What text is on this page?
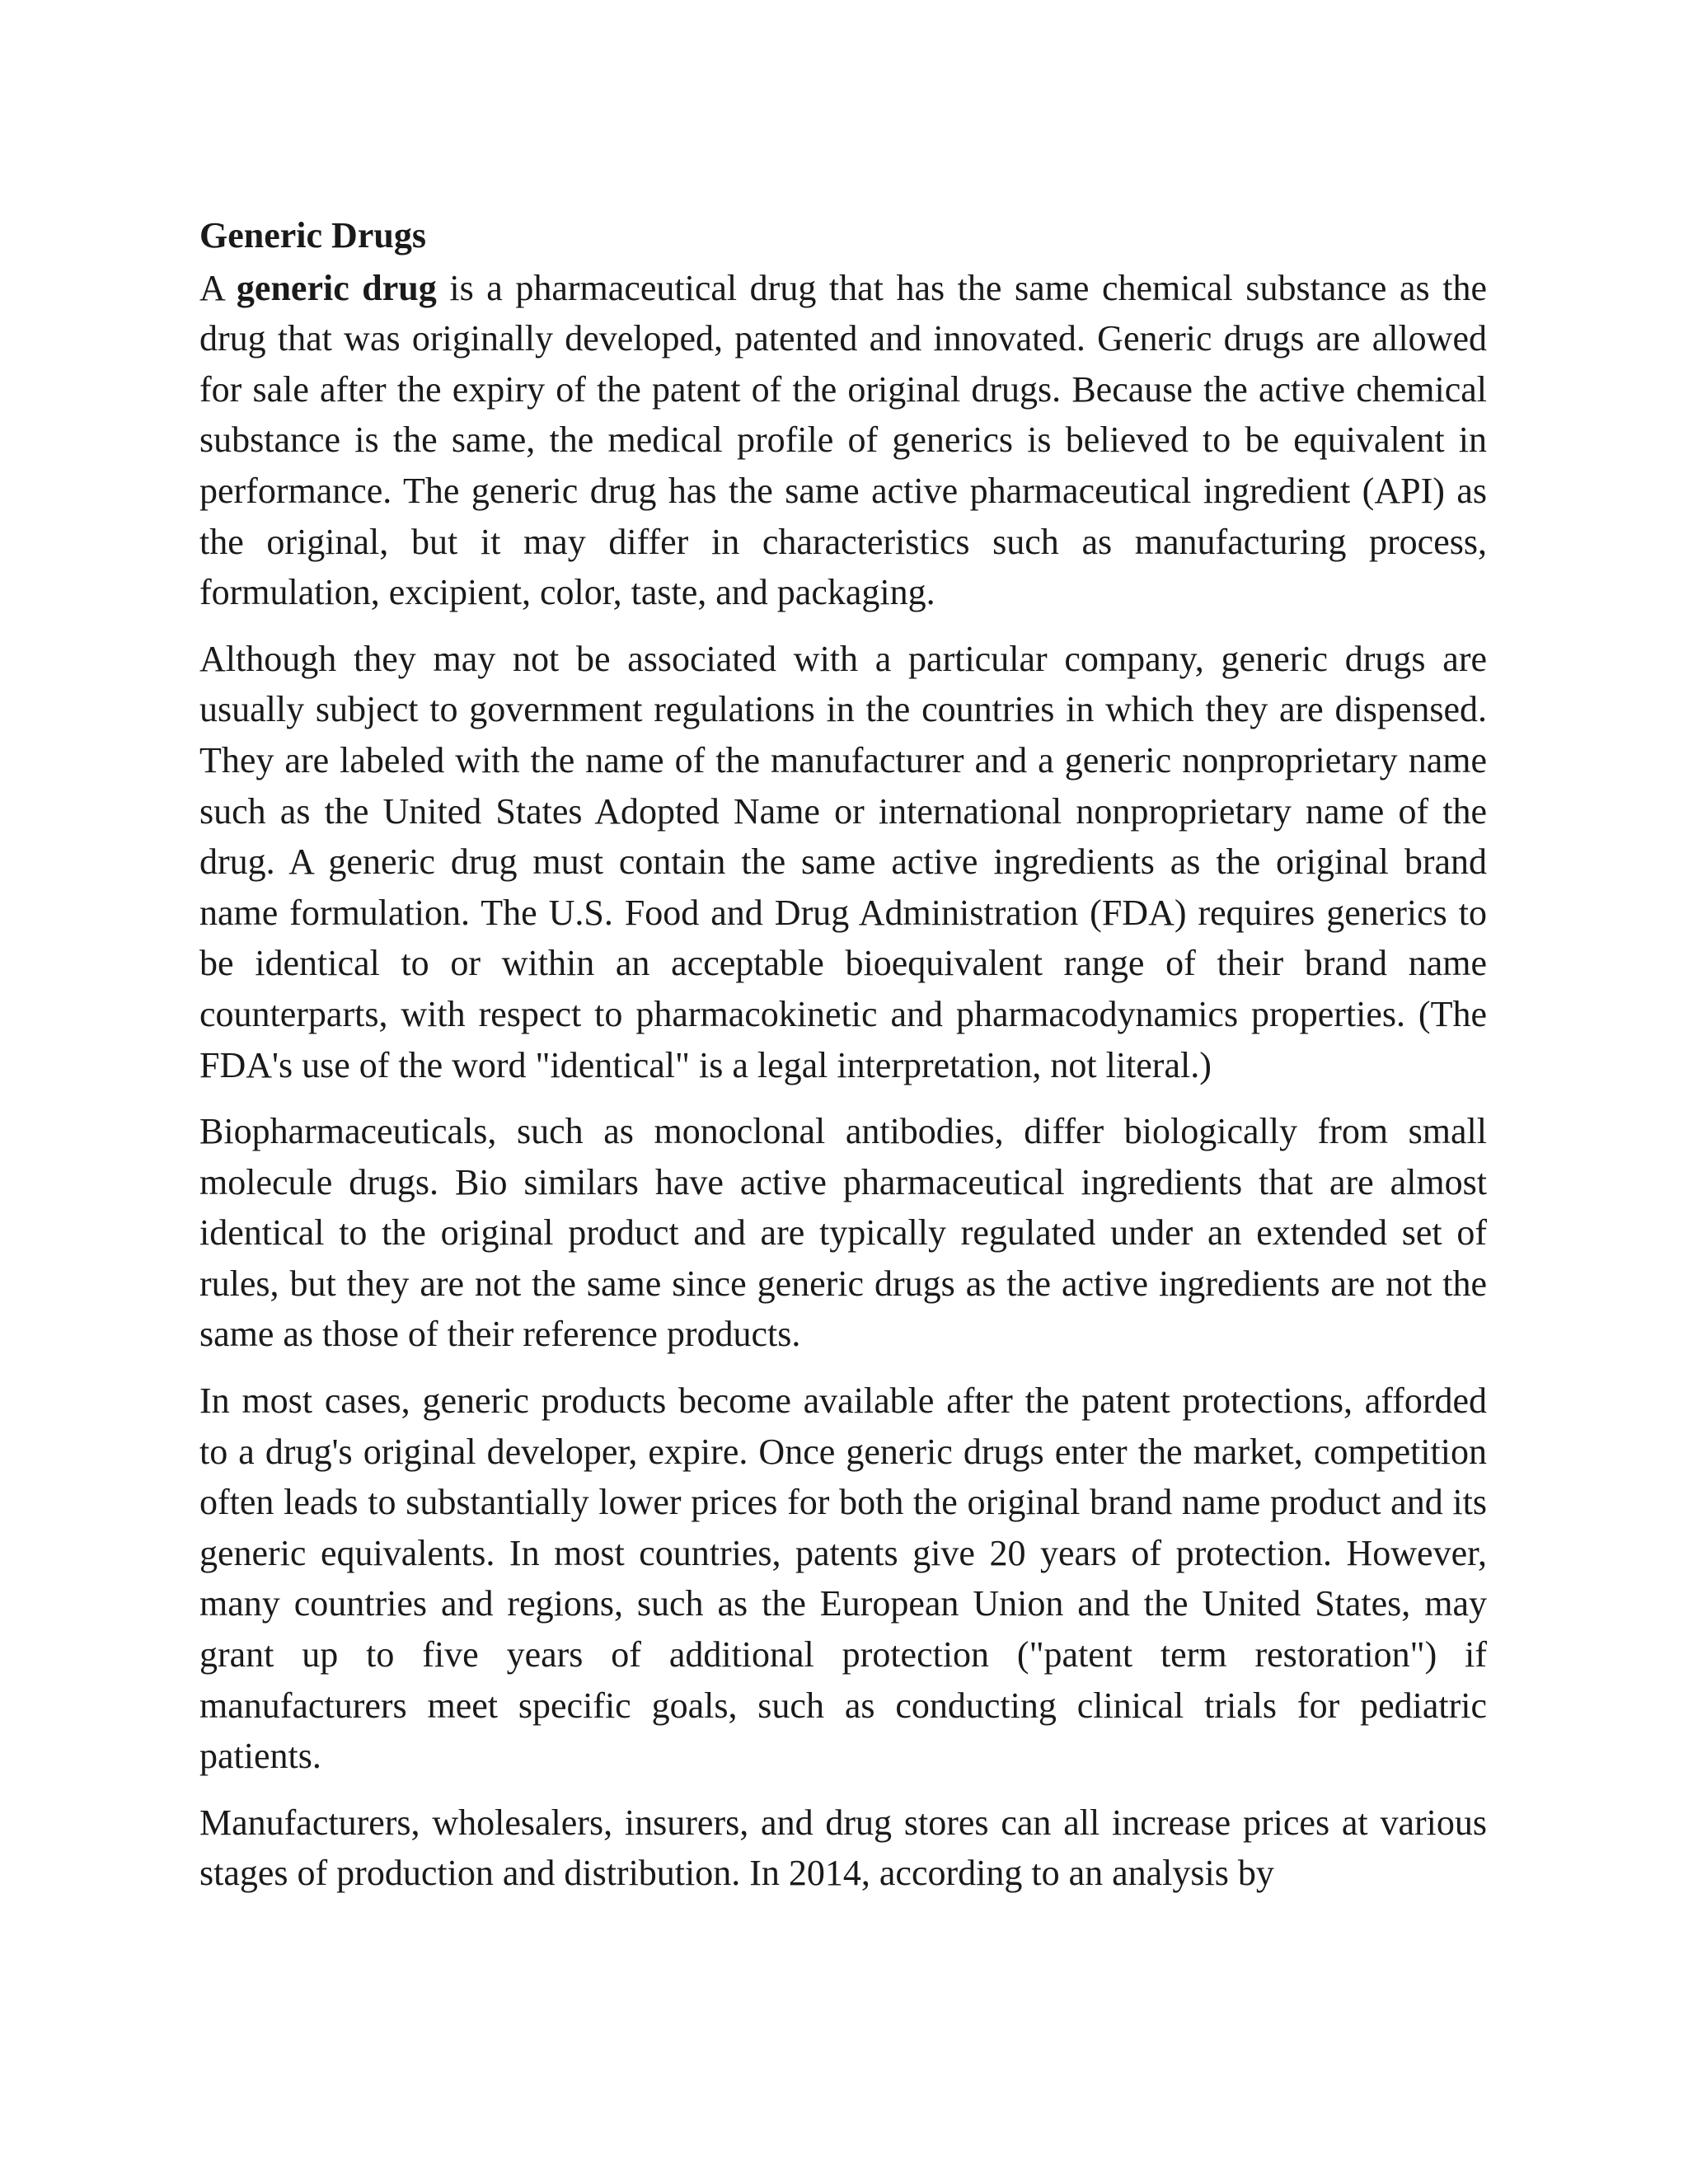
Generic Drugs

A generic drug is a pharmaceutical drug that has the same chemical substance as the drug that was originally developed, patented and innovated. Generic drugs are allowed for sale after the expiry of the patent of the original drugs. Because the active chemical substance is the same, the medical profile of generics is believed to be equivalent in performance. The generic drug has the same active pharmaceutical ingredient (API) as the original, but it may differ in characteristics such as manufacturing process, formulation, excipient, color, taste, and packaging.

Although they may not be associated with a particular company, generic drugs are usually subject to government regulations in the countries in which they are dispensed. They are labeled with the name of the manufacturer and a generic nonproprietary name such as the United States Adopted Name or international nonproprietary name of the drug. A generic drug must contain the same active ingredients as the original brand name formulation. The U.S. Food and Drug Administration (FDA) requires generics to be identical to or within an acceptable bioequivalent range of their brand name counterparts, with respect to pharmacokinetic and pharmacodynamics properties. (The FDA's use of the word "identical" is a legal interpretation, not literal.)

Biopharmaceuticals, such as monoclonal antibodies, differ biologically from small molecule drugs. Bio similars have active pharmaceutical ingredients that are almost identical to the original product and are typically regulated under an extended set of rules, but they are not the same since generic drugs as the active ingredients are not the same as those of their reference products.

In most cases, generic products become available after the patent protections, afforded to a drug's original developer, expire. Once generic drugs enter the market, competition often leads to substantially lower prices for both the original brand name product and its generic equivalents. In most countries, patents give 20 years of protection. However, many countries and regions, such as the European Union and the United States, may grant up to five years of additional protection ("patent term restoration") if manufacturers meet specific goals, such as conducting clinical trials for pediatric patients.

Manufacturers, wholesalers, insurers, and drug stores can all increase prices at various stages of production and distribution. In 2014, according to an analysis by
